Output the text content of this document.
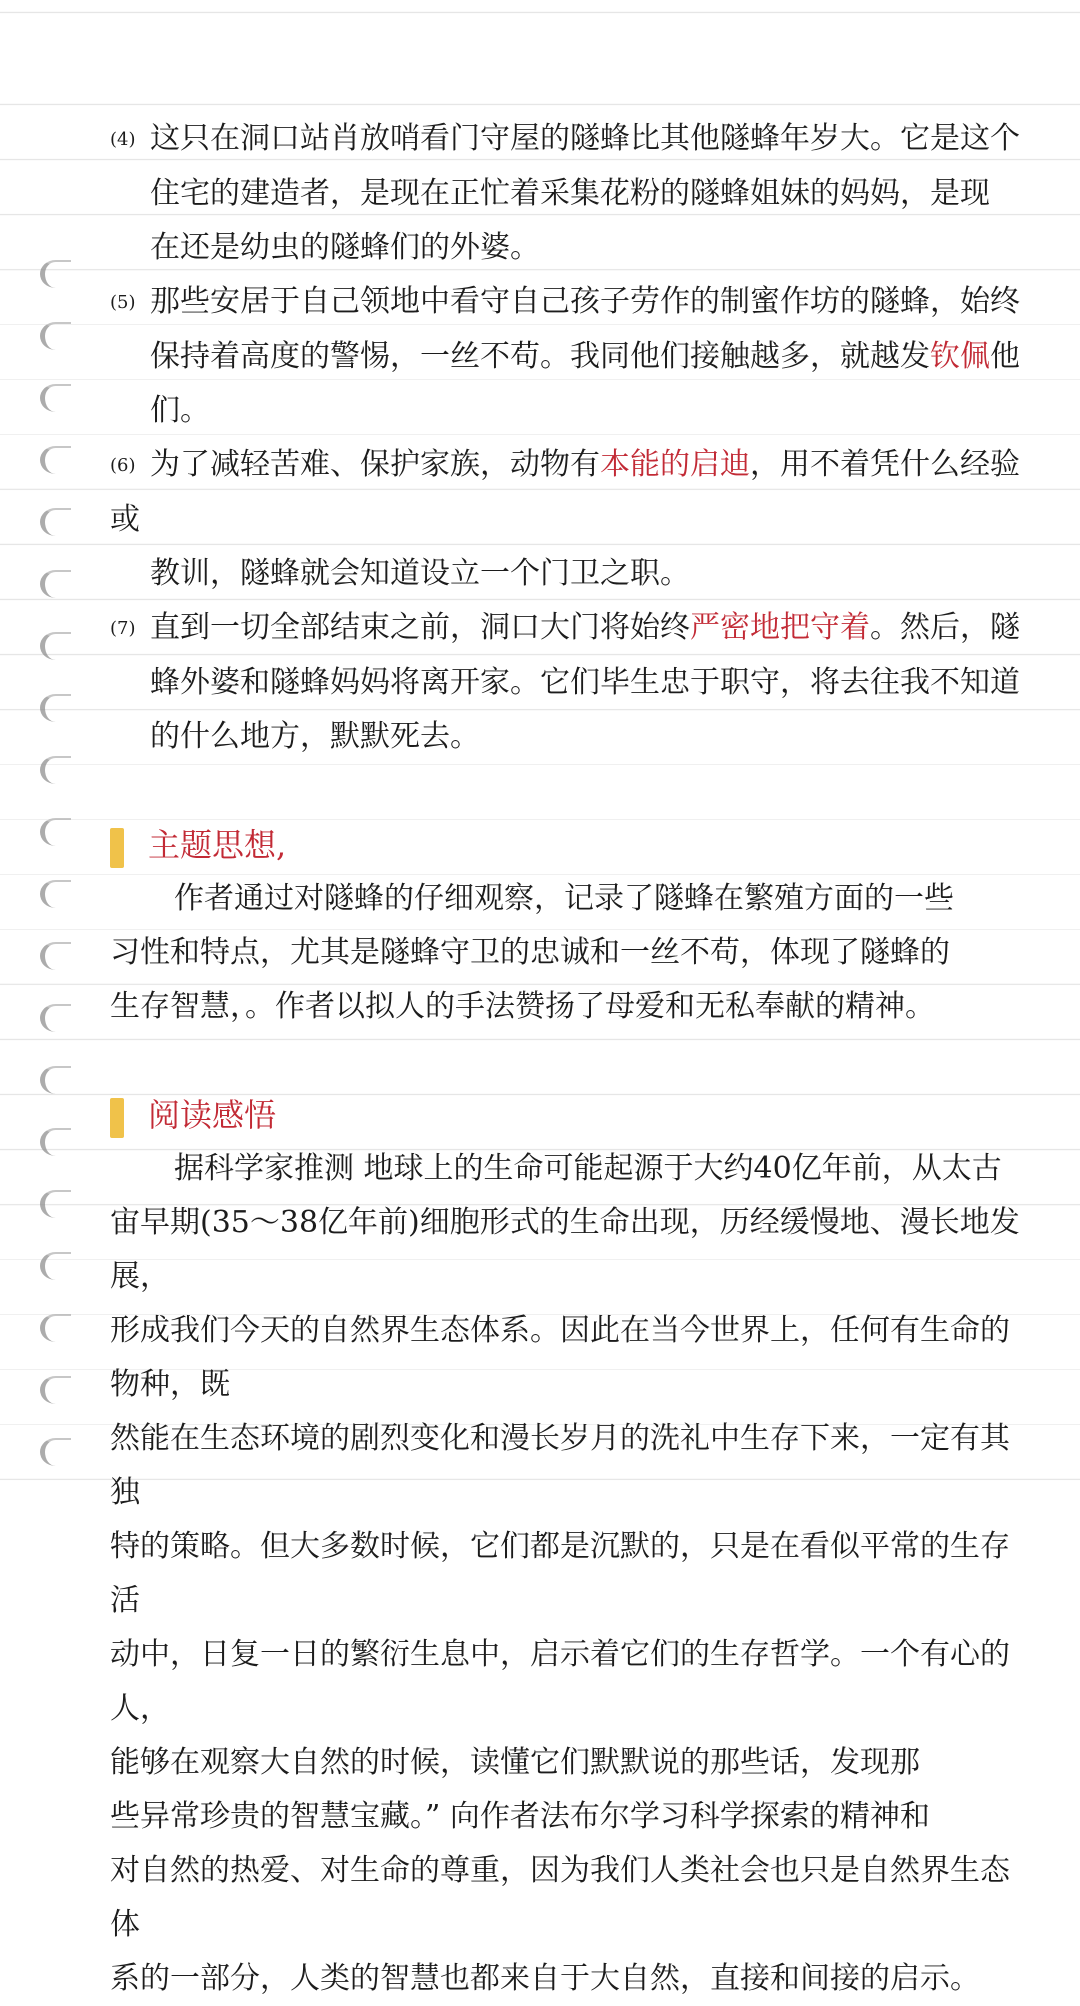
(4) 这只在洞口站肖放哨看门守屋的隧蜂比其他隧蜂年岁大。它是这个
住宅的建造者，是现在正忙着采集花粉的隧蜂姐妹的妈妈，是现
在还是幼虫的隧蜂们的外婆。
(5) 那些安居于自己领地中看守自己孩子劳作的制蜜作坊的隧蜂，始终
保持着高度的警惕，一丝不苟。我同他们接触越多，就越发钦佩他们。
(6) 为了减轻苦难、保护家族，动物有本能的启迪，用不着凭什么经验或
教训，隧蜂就会知道设立一个门卫之职。
(7) 直到一切全部结束之前，洞口大门将始终严密地把守着。然后，隧
蜂外婆和隧蜂妈妈将离开家。它们毕生忠于职守，将去往我不知道
的什么地方，默默死去。
主题思想,

作者通过对隧蜂的仔细观察，记录了隧蜂在繁殖方面的一些

习性和特点，尤其是隧蜂守卫的忠诚和一丝不苟，体现了隧蜂的
生存智慧，。作者以拟人的手法赞扬了母爱和无私奉献的精神。
阅读感悟

据科学家推测 地球上的生命可能起源于大约40亿年前，从太古

宙早期(35～38亿年前)细胞形式的生命出现，历经缓慢地、漫长地发展，
形成我们今天的自然界生态体系。因此在当今世界上，任何有生命的物种，既
然能在生态环境的剧烈变化和漫长岁月的洗礼中生存下来，一定有其独
特的策略。但大多数时候，它们都是沉默的，只是在看似平常的生存活
动中，日复一日的繁衍生息中，启示着它们的生存哲学。一个有心的人，
能够在观察大自然的时候，读懂它们默默说的那些话，发现那
些异常珍贵的智慧宝藏。” 向作者法布尔学习科学探索的精神和
对自然的热爱、对生命的尊重，因为我们人类社会也只是自然界生态体
系的一部分，人类的智慧也都来自于大自然，直接和间接的启示。
